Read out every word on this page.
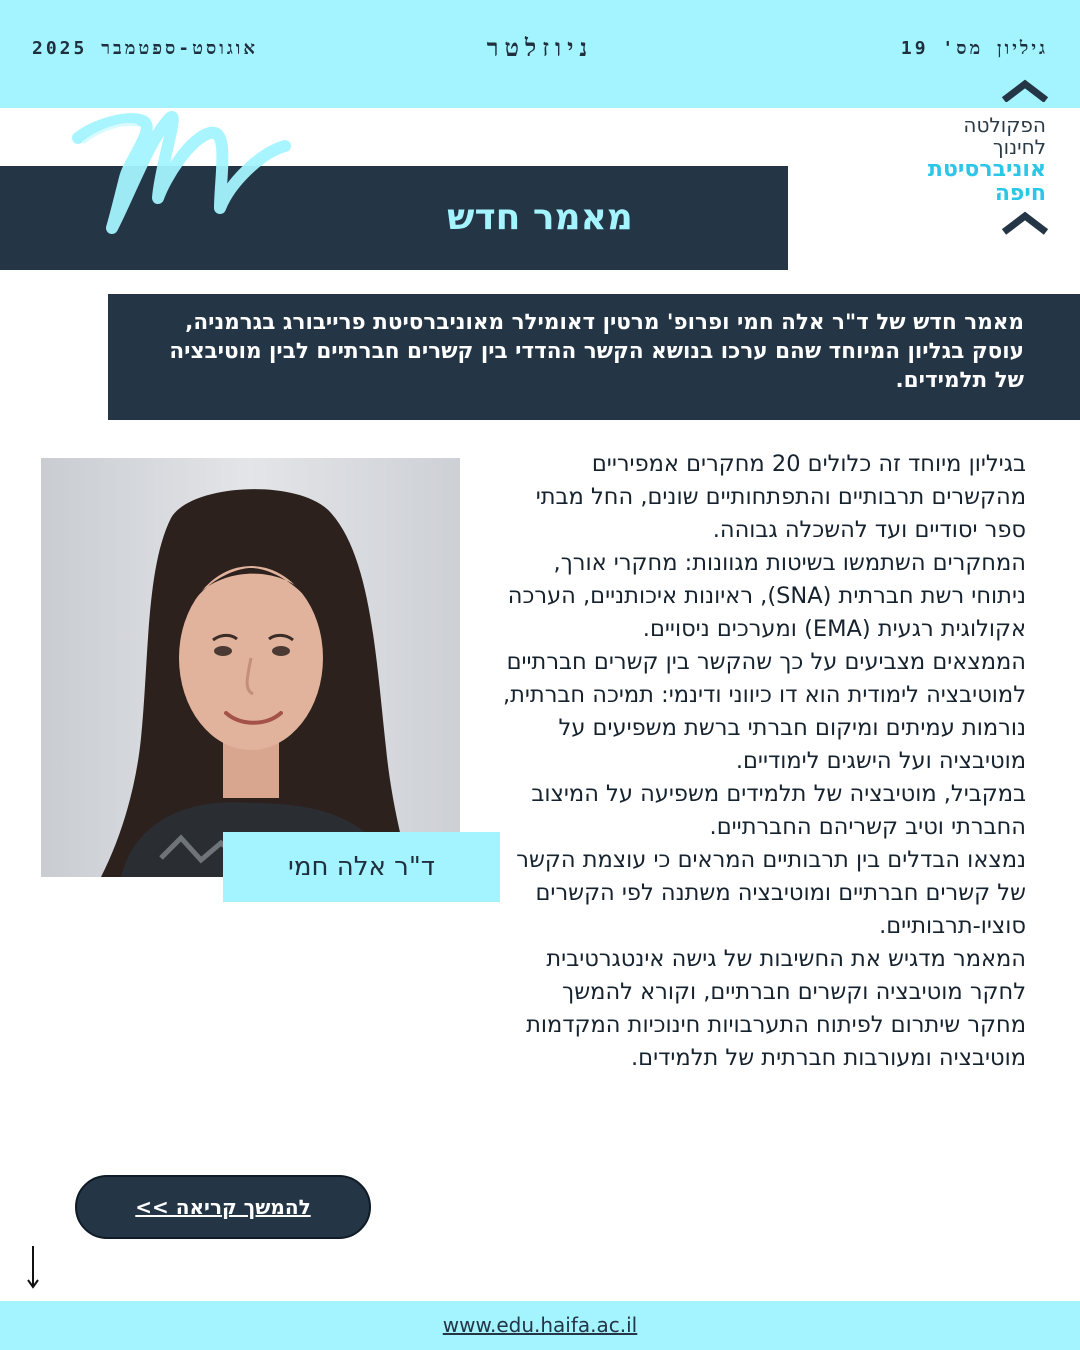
אוגוסט-ספטמבר 2025	ניוזלטר	גיליון מס' 19
הפקולטה
לחינוך
אוניברסיטת
חיפה
מאמר חדש
מאמר חדש של ד"ר אלה חמי ופרופ' מרטין דאומילר מאוניברסיטת פרייבורג בגרמניה, עוסק בגליון המיוחד שהם ערכו בנושא הקשר ההדדי בין קשרים חברתיים לבין מוטיבציה של תלמידים.
ד"ר אלה חמי

בגיליון מיוחד זה כלולים 20 מחקרים אמפיריים מהקשרים תרבותיים והתפתחותיים שונים, החל מבתי ספר יסודיים ועד להשכלה גבוהה.

המחקרים השתמשו בשיטות מגוונות: מחקרי אורך, ניתוחי רשת חברתית (SNA), ראיונות איכותניים, הערכה אקולוגית רגעית (EMA) ומערכים ניסויים.

הממצאים מצביעים על כך שהקשר בין קשרים חברתיים למוטיבציה לימודית הוא דו כיווני ודינמי: תמיכה חברתית, נורמות עמיתים ומיקום חברתי ברשת משפיעים על מוטיבציה ועל הישגים לימודיים.

במקביל, מוטיבציה של תלמידים משפיעה על המיצוב החברתי וטיב קשריהם החברתיים.

נמצאו הבדלים בין תרבותיים המראים כי עוצמת הקשר של קשרים חברתיים ומוטיבציה משתנה לפי הקשרים סוציו-תרבותיים.

המאמר מדגיש את החשיבות של גישה אינטגרטיבית לחקר מוטיבציה וקשרים חברתיים, וקורא להמשך מחקר שיתרום לפיתוח התערבויות חינוכיות המקדמות מוטיבציה ומעורבות חברתית של תלמידים.

להמשך קריאה >>
www.edu.haifa.ac.il
